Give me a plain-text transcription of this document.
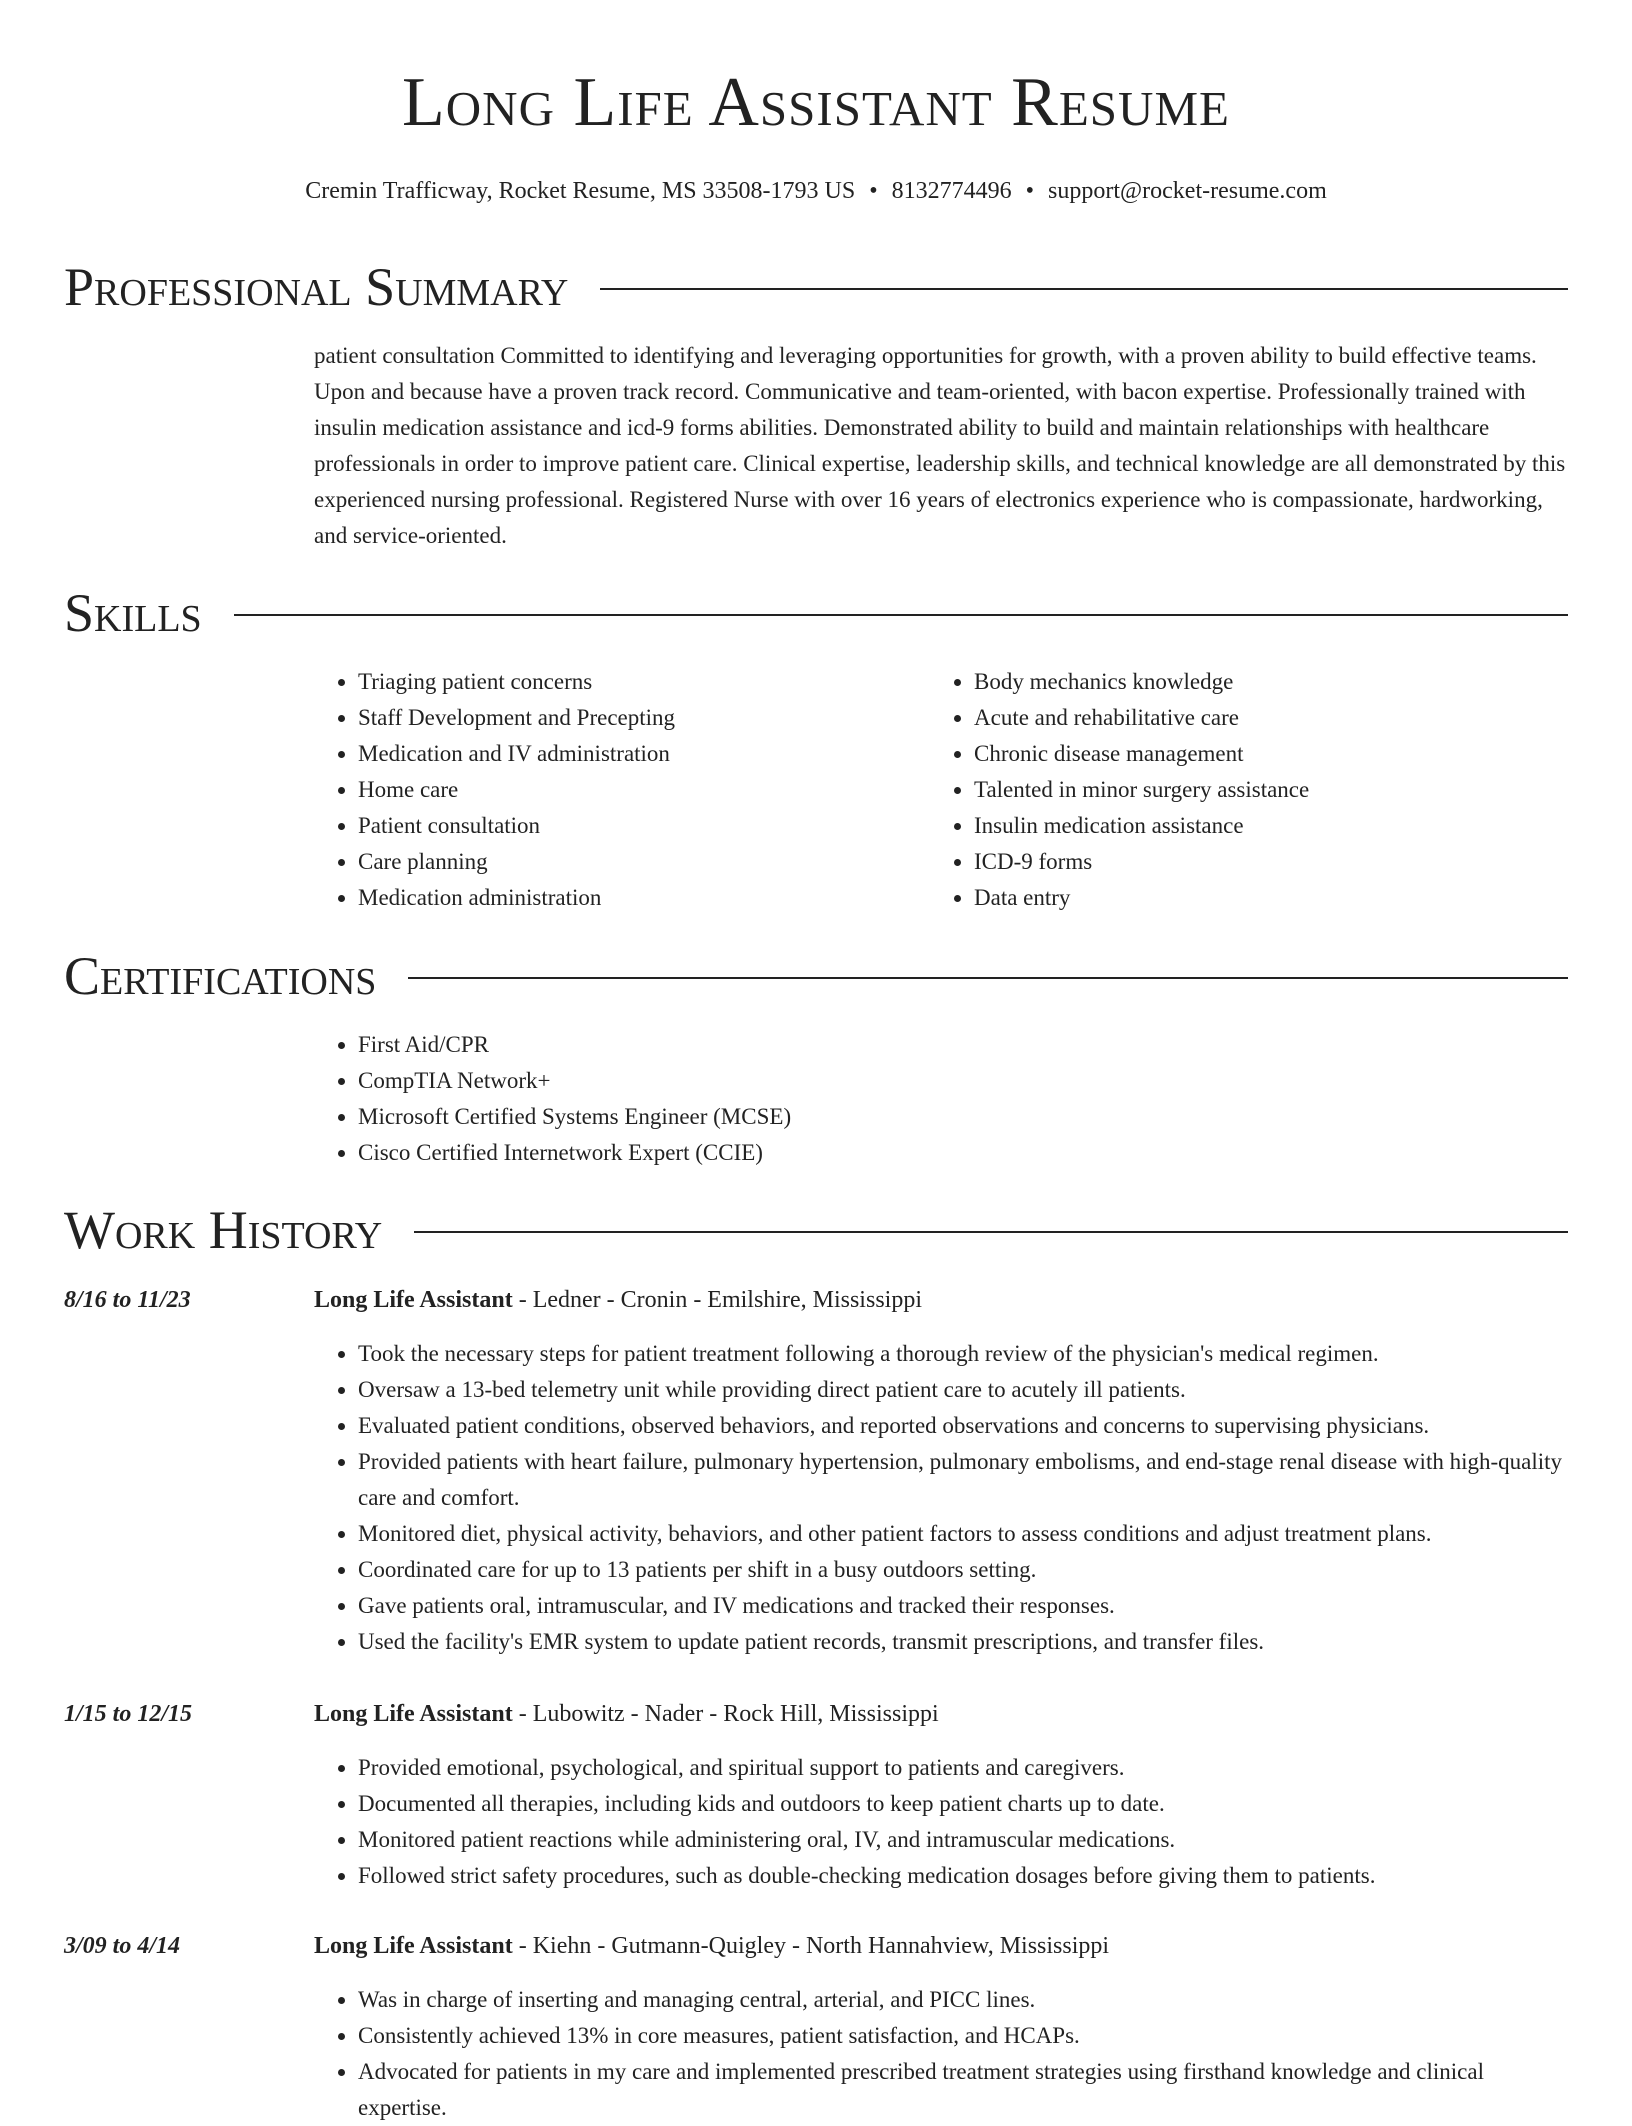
Long Life Assistant Resume
Cremin Trafficway, Rocket Resume, MS 33508-1793 US • 8132774496 • support@rocket-resume.com
Professional Summary

patient consultation Committed to identifying and leveraging opportunities for growth, with a proven ability to build effective teams. Upon and because have a proven track record. Communicative and team-oriented, with bacon expertise. Professionally trained with insulin medication assistance and icd-9 forms abilities. Demonstrated ability to build and maintain relationships with healthcare professionals in order to improve patient care. Clinical expertise, leadership skills, and technical knowledge are all demonstrated by this experienced nursing professional. Registered Nurse with over 16 years of electronics experience who is compassionate, hardworking, and service-oriented.

Skills
• Triaging patient concerns
• Staff Development and Precepting
• Medication and IV administration
• Home care
• Patient consultation
• Care planning
• Medication administration
• Body mechanics knowledge
• Acute and rehabilitative care
• Chronic disease management
• Talented in minor surgery assistance
• Insulin medication assistance
• ICD-9 forms
• Data entry
Certifications
• First Aid/CPR
• CompTIA Network+
• Microsoft Certified Systems Engineer (MCSE)
• Cisco Certified Internetwork Expert (CCIE)
Work History
8/16 to 11/23	Long Life Assistant - Ledner - Cronin - Emilshire, Mississippi
• Took the necessary steps for patient treatment following a thorough review of the physician's medical regimen.
• Oversaw a 13-bed telemetry unit while providing direct patient care to acutely ill patients.
• Evaluated patient conditions, observed behaviors, and reported observations and concerns to supervising physicians.
• Provided patients with heart failure, pulmonary hypertension, pulmonary embolisms, and end-stage renal disease with high-quality care and comfort.
• Monitored diet, physical activity, behaviors, and other patient factors to assess conditions and adjust treatment plans.
• Coordinated care for up to 13 patients per shift in a busy outdoors setting.
• Gave patients oral, intramuscular, and IV medications and tracked their responses.
• Used the facility's EMR system to update patient records, transmit prescriptions, and transfer files.
1/15 to 12/15	Long Life Assistant - Lubowitz - Nader - Rock Hill, Mississippi
• Provided emotional, psychological, and spiritual support to patients and caregivers.
• Documented all therapies, including kids and outdoors to keep patient charts up to date.
• Monitored patient reactions while administering oral, IV, and intramuscular medications.
• Followed strict safety procedures, such as double-checking medication dosages before giving them to patients.
3/09 to 4/14	Long Life Assistant - Kiehn - Gutmann-Quigley - North Hannahview, Mississippi
• Was in charge of inserting and managing central, arterial, and PICC lines.
• Consistently achieved 13% in core measures, patient satisfaction, and HCAPs.
• Advocated for patients in my care and implemented prescribed treatment strategies using firsthand knowledge and clinical expertise.
